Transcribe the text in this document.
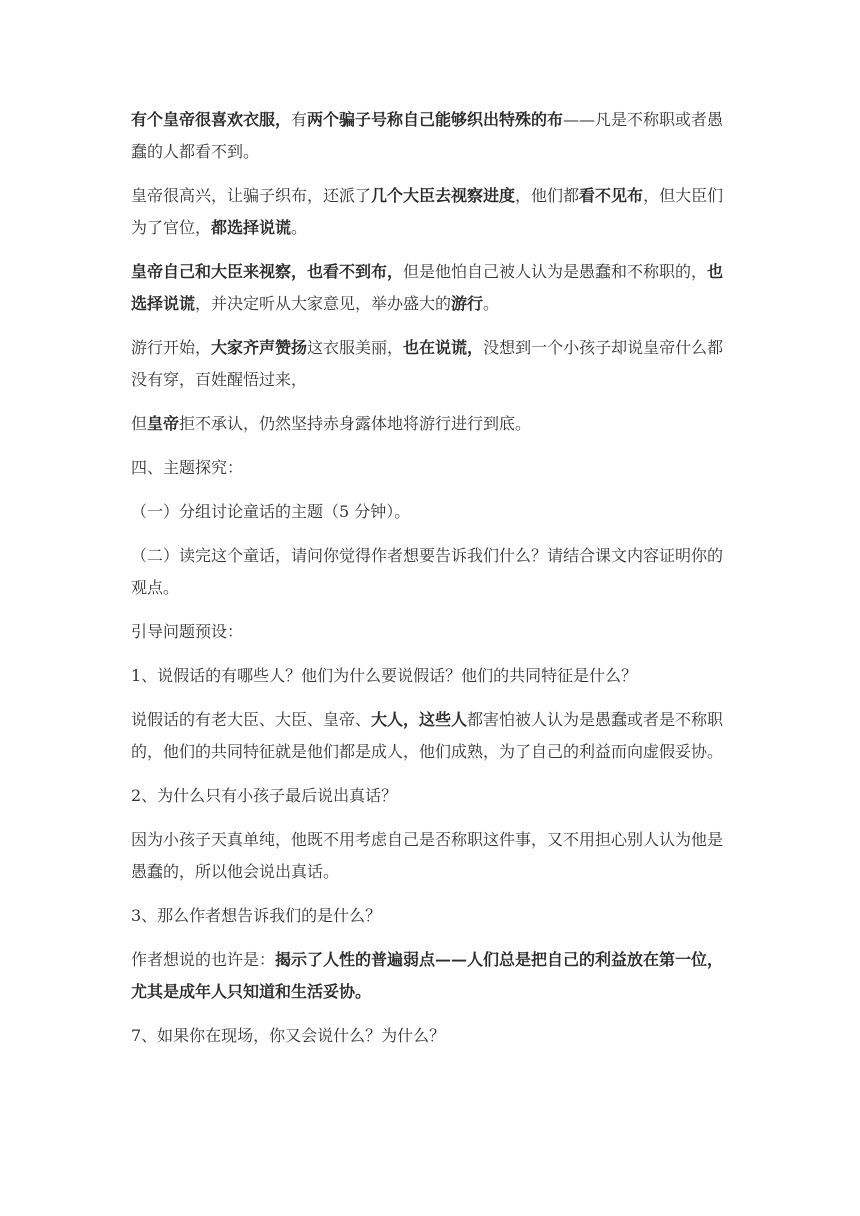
有个皇帝很喜欢衣服，有两个骗子号称自己能够织出特殊的布——凡是不称职或者愚蠢的人都看不到。

皇帝很高兴，让骗子织布，还派了几个大臣去视察进度，他们都看不见布，但大臣们为了官位，都选择说谎。

皇帝自己和大臣来视察，也看不到布，但是他怕自己被人认为是愚蠢和不称职的，也选择说谎，并决定听从大家意见，举办盛大的游行。

游行开始，大家齐声赞扬这衣服美丽，也在说谎，没想到一个小孩子却说皇帝什么都没有穿，百姓醒悟过来，

但皇帝拒不承认，仍然坚持赤身露体地将游行进行到底。

四、主题探究：

（一）分组讨论童话的主题（5 分钟）。

（二）读完这个童话，请问你觉得作者想要告诉我们什么？请结合课文内容证明你的观点。

引导问题预设：

1、说假话的有哪些人？他们为什么要说假话？他们的共同特征是什么？

说假话的有老大臣、大臣、皇帝、大人，这些人都害怕被人认为是愚蠢或者是不称职的，他们的共同特征就是他们都是成人，他们成熟，为了自己的利益而向虚假妥协。

2、为什么只有小孩子最后说出真话？

因为小孩子天真单纯，他既不用考虑自己是否称职这件事，又不用担心别人认为他是愚蠢的，所以他会说出真话。

3、那么作者想告诉我们的是什么？

作者想说的也许是：揭示了人性的普遍弱点——人们总是把自己的利益放在第一位，尤其是成年人只知道和生活妥协。

7、如果你在现场，你又会说什么？为什么？
